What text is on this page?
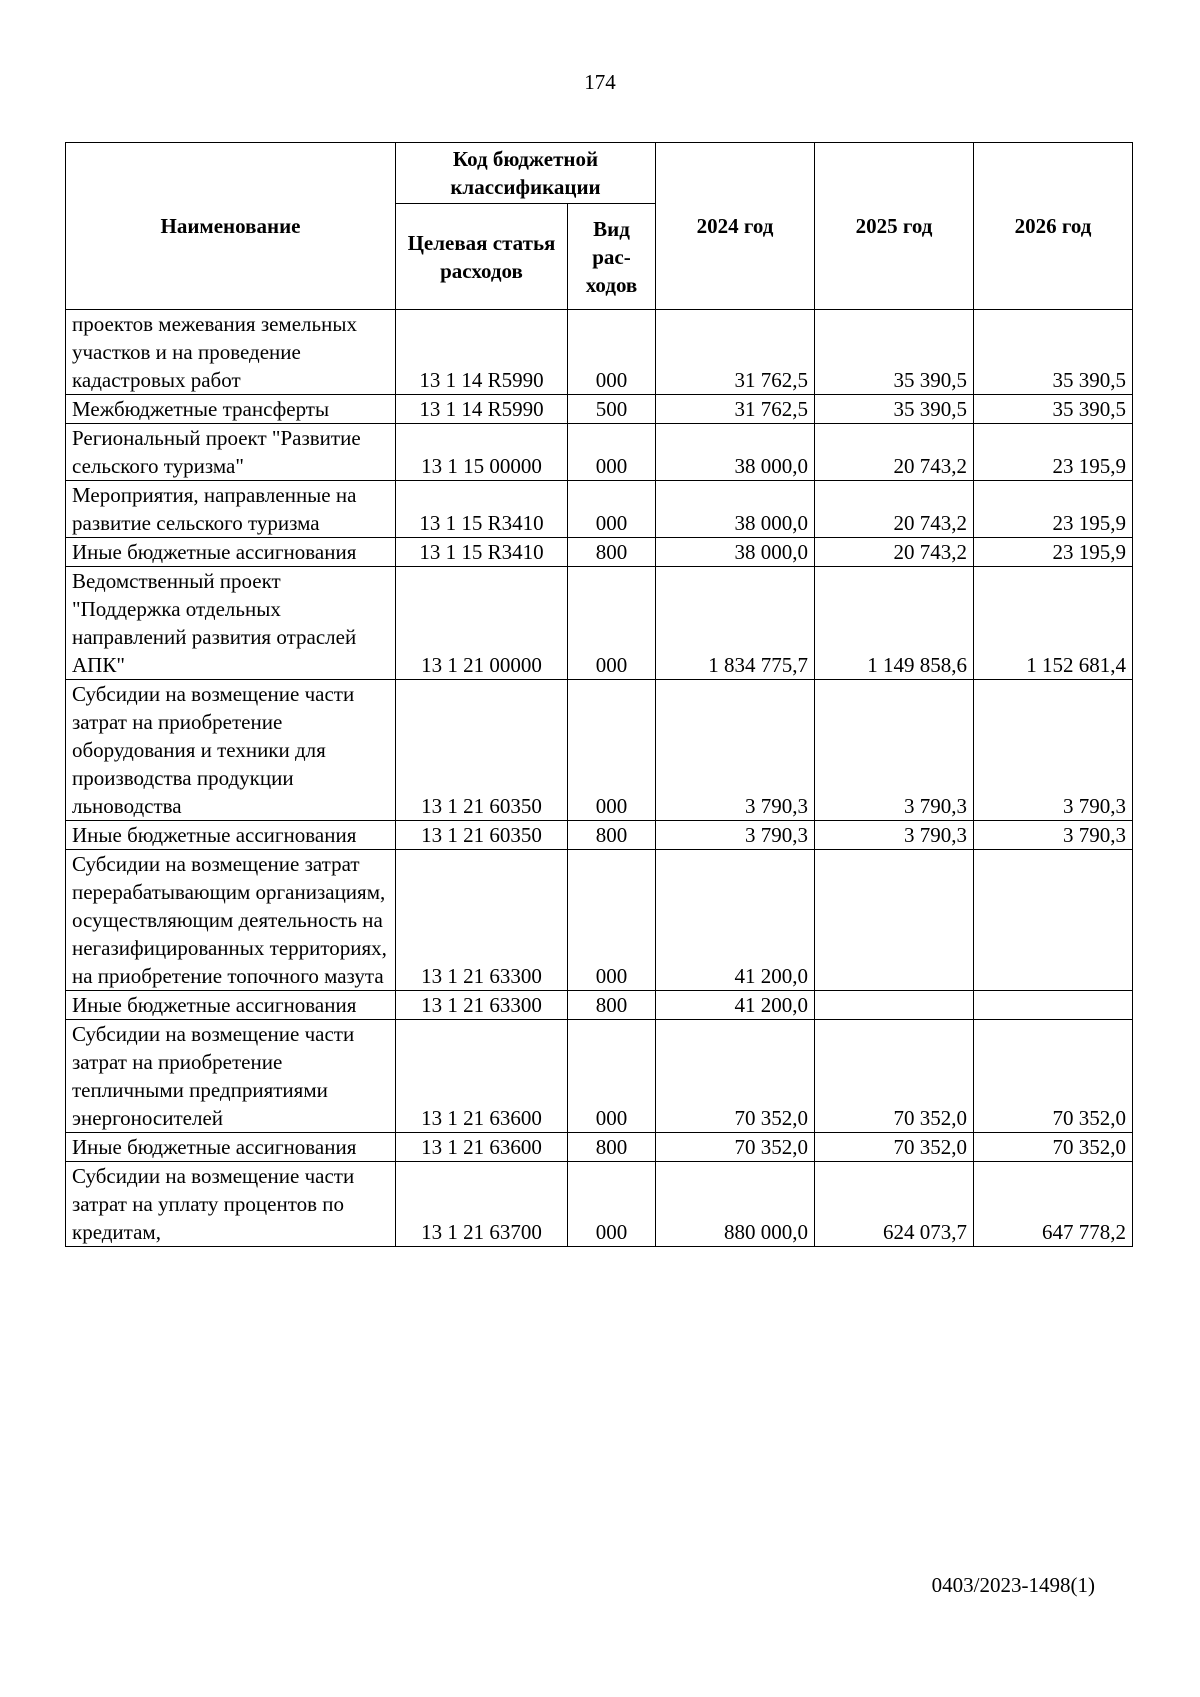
174
Наименование	Код бюджетной классификации		2024 год	2025 год	2026 год
	Целевая статья расходов	Вид рас-ходов			
проектов межевания земельных участков и на проведение кадастровых работ	13 1 14 R5990	000	31 762,5	35 390,5	35 390,5
Межбюджетные трансферты	13 1 14 R5990	500	31 762,5	35 390,5	35 390,5
Региональный проект "Развитие сельского туризма"	13 1 15 00000	000	38 000,0	20 743,2	23 195,9
Мероприятия, направленные на развитие сельского туризма	13 1 15 R3410	000	38 000,0	20 743,2	23 195,9
Иные бюджетные ассигнования	13 1 15 R3410	800	38 000,0	20 743,2	23 195,9
Ведомственный проект "Поддержка отдельных направлений развития отраслей АПК"	13 1 21 00000	000	1 834 775,7	1 149 858,6	1 152 681,4
Субсидии на возмещение части затрат на приобретение оборудования и техники для производства продукции льноводства	13 1 21 60350	000	3 790,3	3 790,3	3 790,3
Иные бюджетные ассигнования	13 1 21 60350	800	3 790,3	3 790,3	3 790,3
Субсидии на возмещение затрат перерабатывающим организациям, осуществляющим деятельность на негазифицированных территориях, на приобретение топочного мазута	13 1 21 63300	000	41 200,0		
Иные бюджетные ассигнования	13 1 21 63300	800	41 200,0		
Субсидии на возмещение части затрат на приобретение тепличными предприятиями энергоносителей	13 1 21 63600	000	70 352,0	70 352,0	70 352,0
Иные бюджетные ассигнования	13 1 21 63600	800	70 352,0	70 352,0	70 352,0
Субсидии на возмещение части затрат на уплату процентов по кредитам,	13 1 21 63700	000	880 000,0	624 073,7	647 778,2
0403/2023-1498(1)
